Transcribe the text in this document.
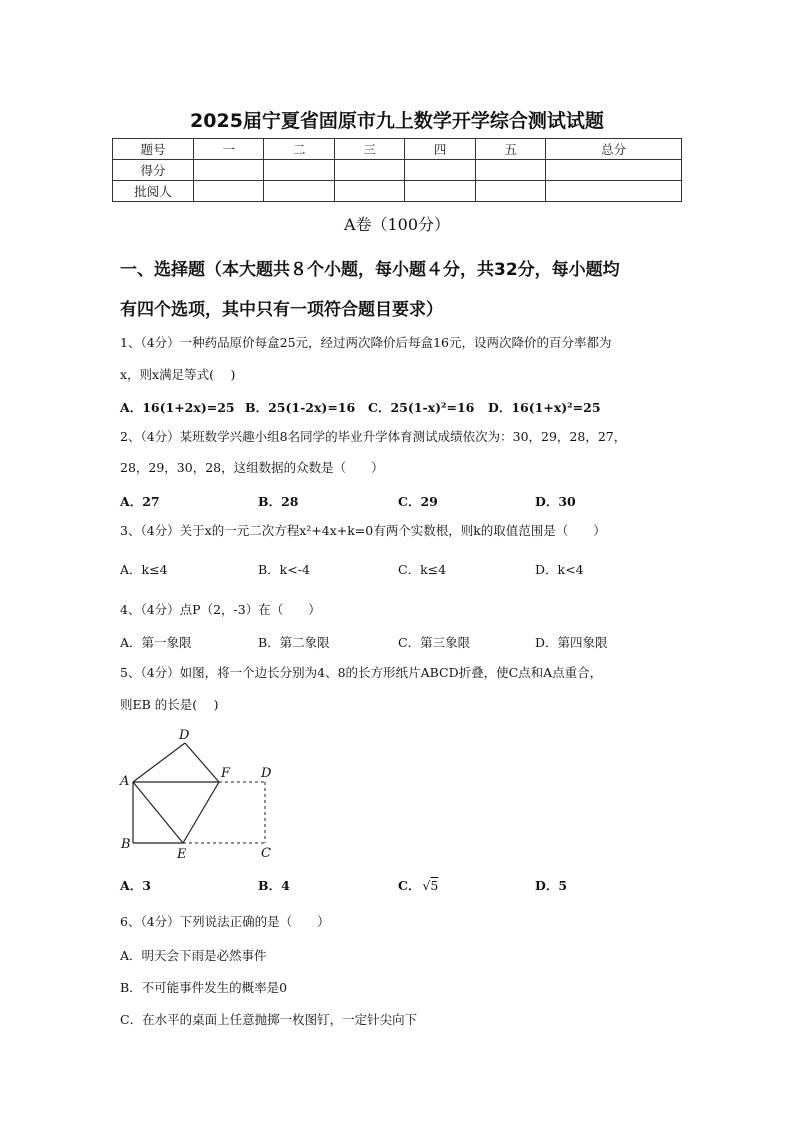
2025届宁夏省固原市九上数学开学综合测试试题
题号	一	二	三	四	五	总分
得分						
批阅人						
A卷（100分）
一、选择题（本大题共８个小题，每小题４分，共32分，每小题均
有四个选项，其中只有一项符合题目要求）
1、（4分）一种药品原价每盒25元，经过两次降价后每盒16元，设两次降价的百分率都为
x，则x满足等式(　 )
A．16(1+2x)=25 B．25(1-2x)=16 C．25(1-x)²=16 D．16(1+x)²=25
2、（4分）某班数学兴趣小组8名同学的毕业升学体育测试成绩依次为：30，29，28，27，
28，29，30，28，这组数据的众数是（　　）
A．27	B．28	C．29	D．30
3、（4分）关于x的一元二次方程x²+4x+k=0有两个实数根，则k的取值范围是（　　）
A．k≤4	B．k<-4	C．k≤4	D．k<4
4、（4分）点P（2，-3）在（　　）
A．第一象限	B．第二象限	C．第三象限	D．第四象限
5、（4分）如图，将一个边长分别为4、8的长方形纸片ABCD折叠，使C点和A点重合，
则EB 的长是(　 )
D
A
F D
B
E	C
A．3	B．4	C． √5	D．5
6、（4分）下列说法正确的是（　　）
A．明天会下雨是必然事件
B．不可能事件发生的概率是0
C．在水平的桌面上任意抛掷一枚图钉，一定针尖向下
